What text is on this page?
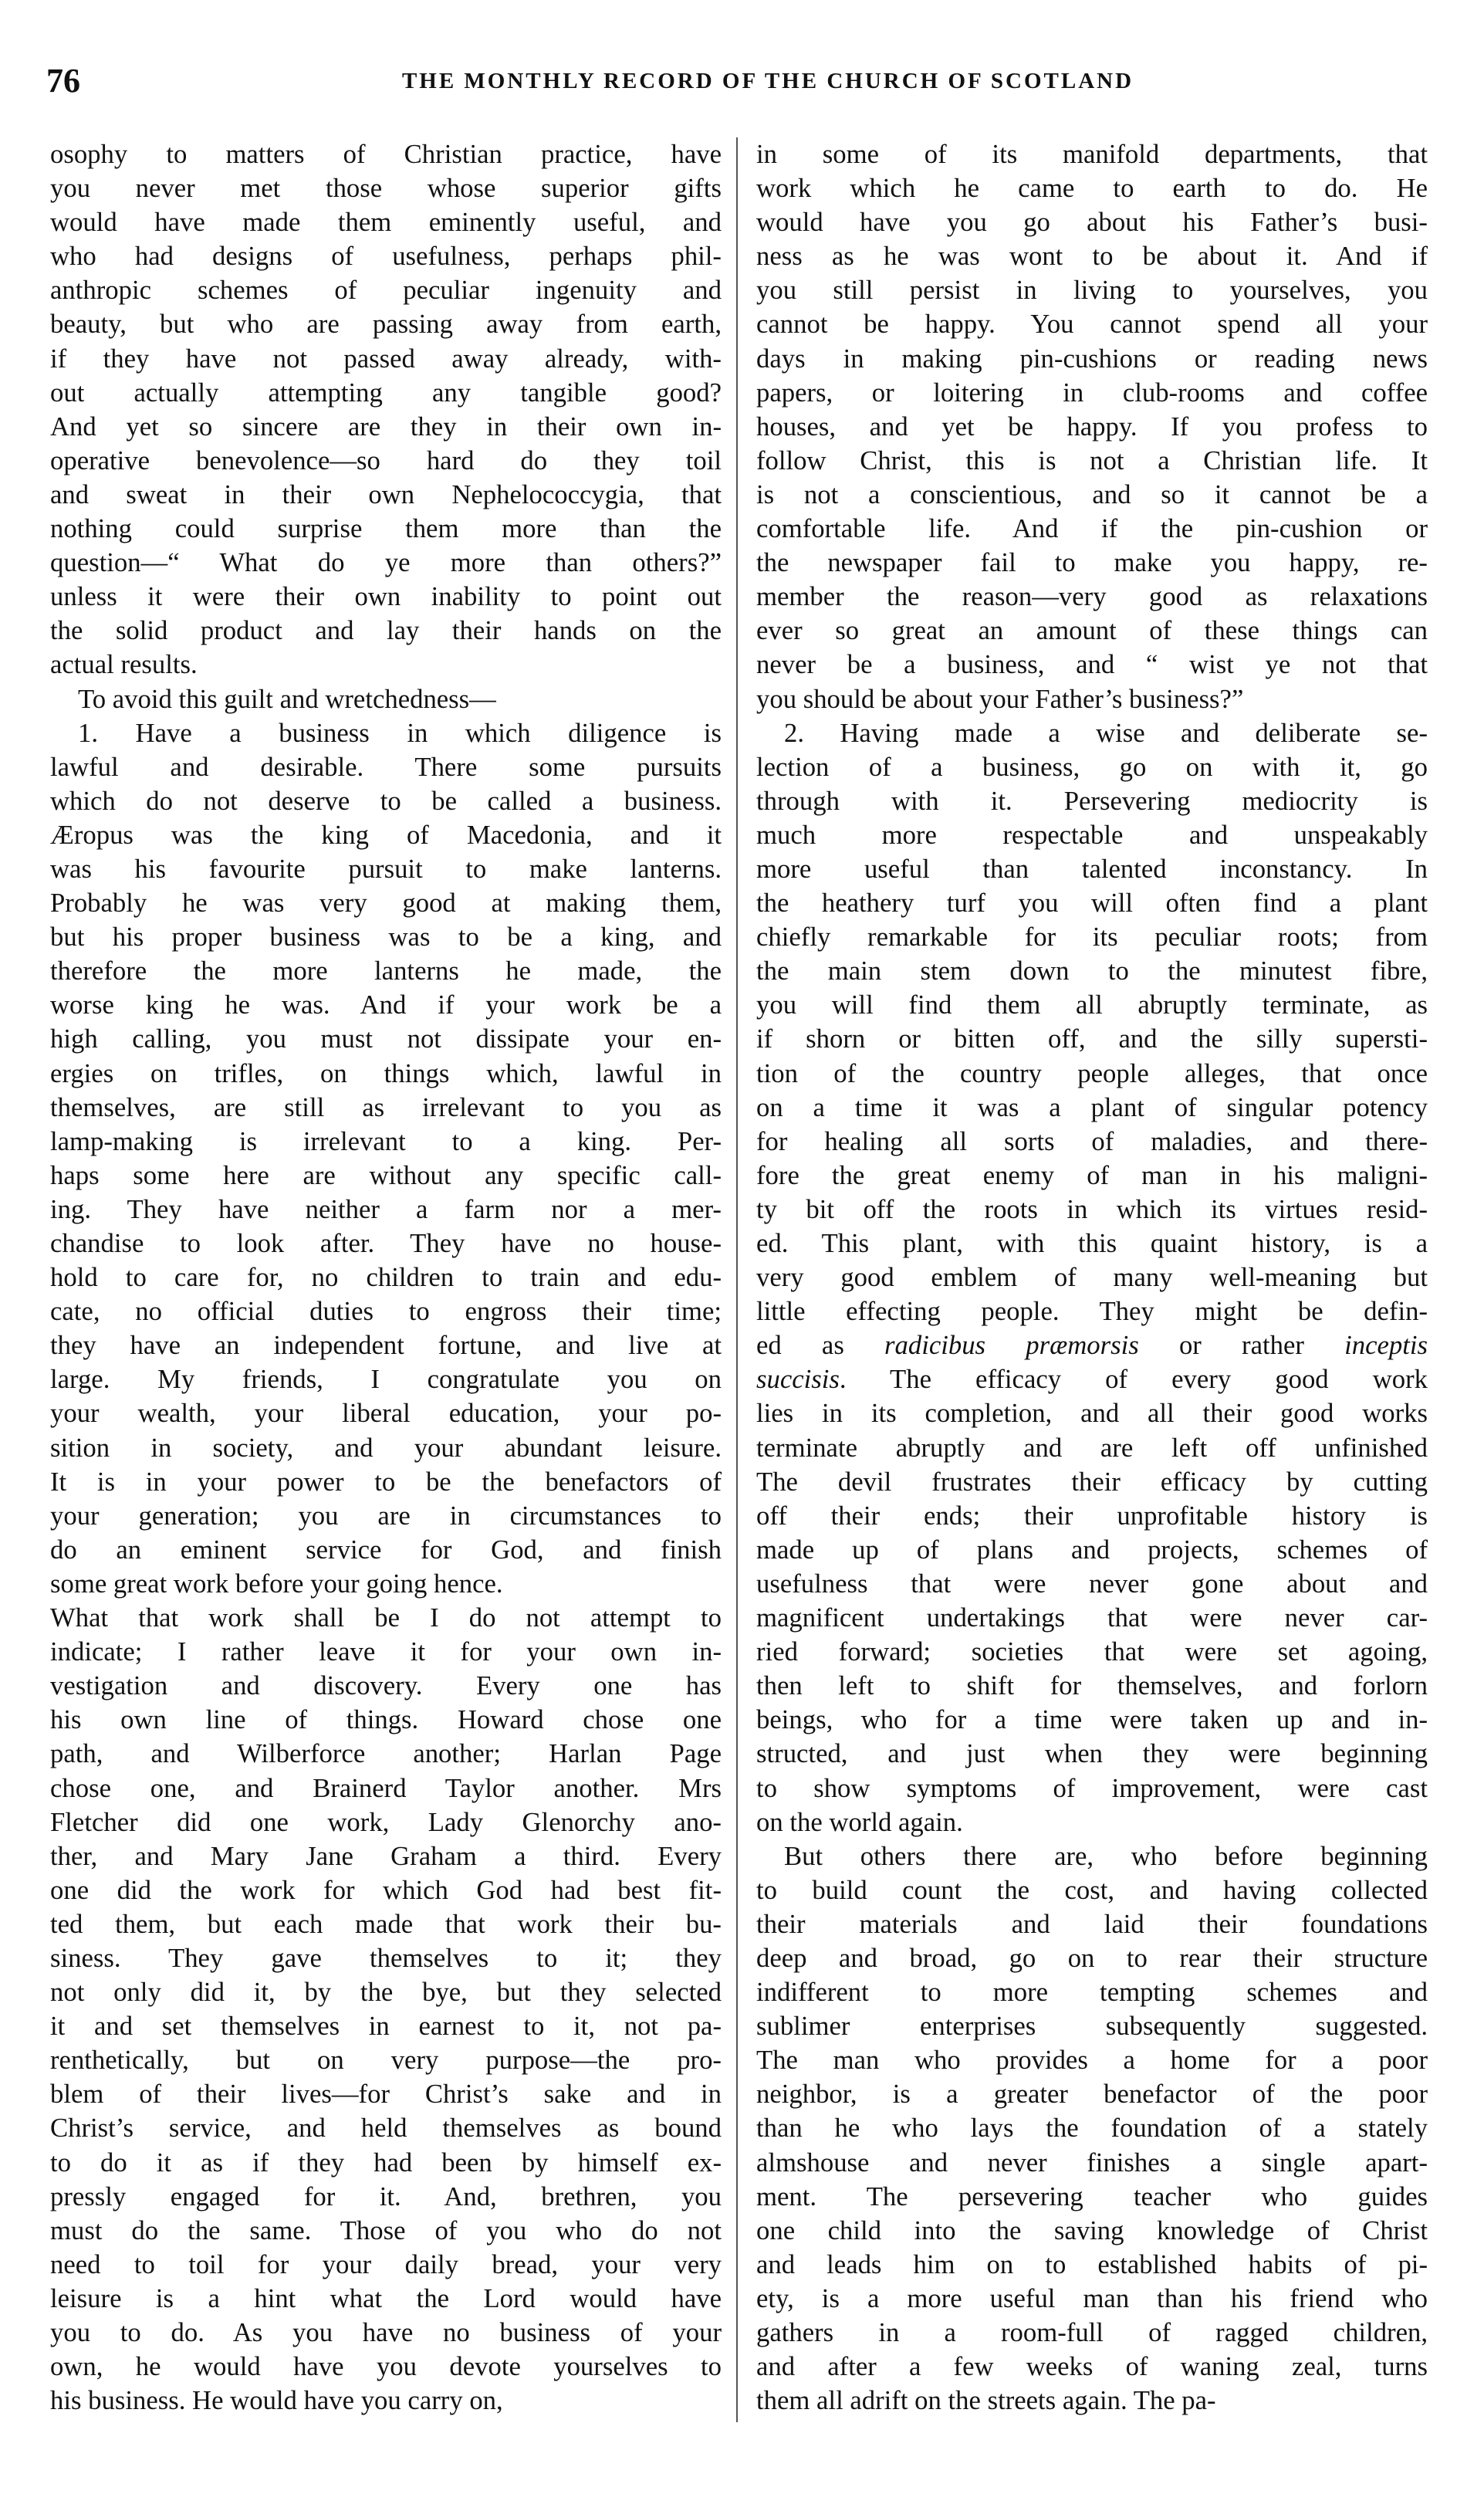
76	THE MONTHLY RECORD OF THE CHURCH OF SCOTLAND
osophy to matters of Christian practice, have
you never met those whose superior gifts
would have made them eminently useful, and
who had designs of usefulness, perhaps phil-
anthropic schemes of peculiar ingenuity and
beauty, but who are passing away from earth,
if they have not passed away already, with-
out actually attempting any tangible good?
And yet so sincere are they in their own in-
operative benevolence—so hard do they toil
and sweat in their own Nephelococcygia, that
nothing could surprise them more than the
question—“ What do ye more than others?”
unless it were their own inability to point out
the solid product and lay their hands on the
actual results.
To avoid this guilt and wretchedness—
1. Have a business in which diligence is
lawful and desirable. There some pursuits
which do not deserve to be called a business.
Æropus was the king of Macedonia, and it
was his favourite pursuit to make lanterns.
Probably he was very good at making them,
but his proper business was to be a king, and
therefore the more lanterns he made, the
worse king he was. And if your work be a
high calling, you must not dissipate your en-
ergies on trifles, on things which, lawful in
themselves, are still as irrelevant to you as
lamp-making is irrelevant to a king. Per-
haps some here are without any specific call-
ing. They have neither a farm nor a mer-
chandise to look after. They have no house-
hold to care for, no children to train and edu-
cate, no official duties to engross their time;
they have an independent fortune, and live at
large. My friends, I congratulate you on
your wealth, your liberal education, your po-
sition in society, and your abundant leisure.
It is in your power to be the benefactors of
your generation; you are in circumstances to
do an eminent service for God, and finish
some great work before your going hence.
What that work shall be I do not attempt to
indicate; I rather leave it for your own in-
vestigation and discovery. Every one has
his own line of things. Howard chose one
path, and Wilberforce another; Harlan Page
chose one, and Brainerd Taylor another. Mrs
Fletcher did one work, Lady Glenorchy ano-
ther, and Mary Jane Graham a third. Every
one did the work for which God had best fit-
ted them, but each made that work their bu-
siness. They gave themselves to it; they
not only did it, by the bye, but they selected
it and set themselves in earnest to it, not pa-
renthetically, but on very purpose—the pro-
blem of their lives—for Christ’s sake and in
Christ’s service, and held themselves as bound
to do it as if they had been by himself ex-
pressly engaged for it. And, brethren, you
must do the same. Those of you who do not
need to toil for your daily bread, your very
leisure is a hint what the Lord would have
you to do. As you have no business of your
own, he would have you devote yourselves to
his business. He would have you carry on,
in some of its manifold departments, that
work which he came to earth to do. He
would have you go about his Father’s busi-
ness as he was wont to be about it. And if
you still persist in living to yourselves, you
cannot be happy. You cannot spend all your
days in making pin-cushions or reading news
papers, or loitering in club-rooms and coffee
houses, and yet be happy. If you profess to
follow Christ, this is not a Christian life. It
is not a conscientious, and so it cannot be a
comfortable life. And if the pin-cushion or
the newspaper fail to make you happy, re-
member the reason—very good as relaxations
ever so great an amount of these things can
never be a business, and “ wist ye not that
you should be about your Father’s business?”
2. Having made a wise and deliberate se-
lection of a business, go on with it, go
through with it. Persevering mediocrity is
much more respectable and unspeakably
more useful than talented inconstancy. In
the heathery turf you will often find a plant
chiefly remarkable for its peculiar roots; from
the main stem down to the minutest fibre,
you will find them all abruptly terminate, as
if shorn or bitten off, and the silly supersti-
tion of the country people alleges, that once
on a time it was a plant of singular potency
for healing all sorts of maladies, and there-
fore the great enemy of man in his maligni-
ty bit off the roots in which its virtues resid-
ed. This plant, with this quaint history, is a
very good emblem of many well-meaning but
little effecting people. They might be defin-
ed as radicibus præmorsis or rather inceptis
succisis. The efficacy of every good work
lies in its completion, and all their good works
terminate abruptly and are left off unfinished
The devil frustrates their efficacy by cutting
off their ends; their unprofitable history is
made up of plans and projects, schemes of
usefulness that were never gone about and
magnificent undertakings that were never car-
ried forward; societies that were set agoing,
then left to shift for themselves, and forlorn
beings, who for a time were taken up and in-
structed, and just when they were beginning
to show symptoms of improvement, were cast
on the world again.
But others there are, who before beginning
to build count the cost, and having collected
their materials and laid their foundations
deep and broad, go on to rear their structure
indifferent to more tempting schemes and
sublimer enterprises subsequently suggested.
The man who provides a home for a poor
neighbor, is a greater benefactor of the poor
than he who lays the foundation of a stately
almshouse and never finishes a single apart-
ment. The persevering teacher who guides
one child into the saving knowledge of Christ
and leads him on to established habits of pi-
ety, is a more useful man than his friend who
gathers in a room-full of ragged children,
and after a few weeks of waning zeal, turns
them all adrift on the streets again. The pa-
